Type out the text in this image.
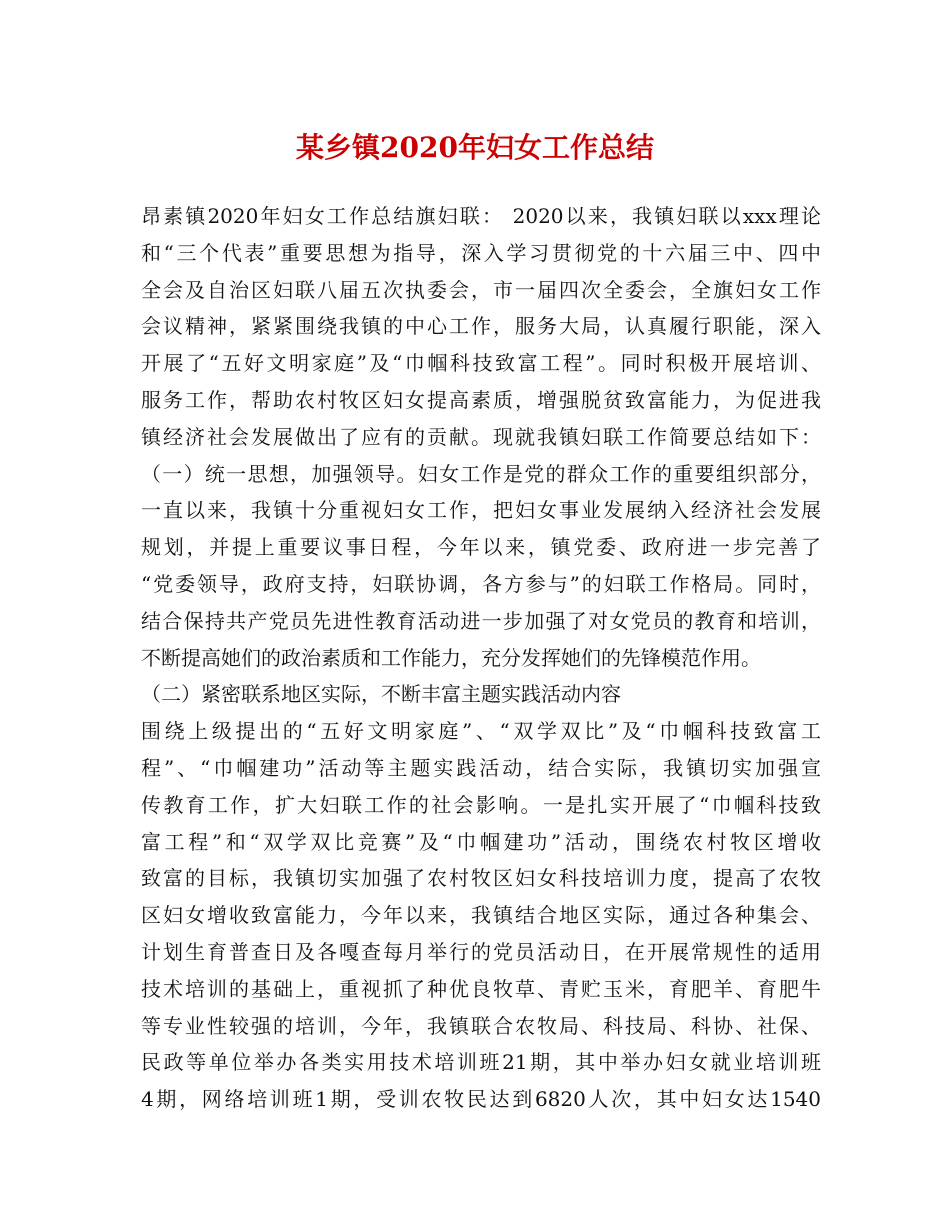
某乡镇2020年妇女工作总结
昂素镇2020年妇女工作总结旗妇联： 2020以来，我镇妇联以xxx理论
和“三个代表”重要思想为指导，深入学习贯彻党的十六届三中、四中
全会及自治区妇联八届五次执委会，市一届四次全委会，全旗妇女工作
会议精神，紧紧围绕我镇的中心工作，服务大局，认真履行职能，深入
开展了“五好文明家庭”及“巾帼科技致富工程”。同时积极开展培训、
服务工作，帮助农村牧区妇女提高素质，增强脱贫致富能力，为促进我
镇经济社会发展做出了应有的贡献。现就我镇妇联工作简要总结如下：
（一）统一思想，加强领导。妇女工作是党的群众工作的重要组织部分，
一直以来，我镇十分重视妇女工作，把妇女事业发展纳入经济社会发展
规划，并提上重要议事日程，今年以来，镇党委、政府进一步完善了
“党委领导，政府支持，妇联协调，各方参与”的妇联工作格局。同时，
结合保持共产党员先进性教育活动进一步加强了对女党员的教育和培训，
不断提高她们的政治素质和工作能力，充分发挥她们的先锋模范作用。
（二）紧密联系地区实际，不断丰富主题实践活动内容
围绕上级提出的“五好文明家庭”、“双学双比”及“巾帼科技致富工
程”、“巾帼建功”活动等主题实践活动，结合实际，我镇切实加强宣
传教育工作，扩大妇联工作的社会影响。一是扎实开展了“巾帼科技致
富工程”和“双学双比竞赛”及“巾帼建功”活动，围绕农村牧区增收
致富的目标，我镇切实加强了农村牧区妇女科技培训力度，提高了农牧
区妇女增收致富能力，今年以来，我镇结合地区实际，通过各种集会、
计划生育普查日及各嘎查每月举行的党员活动日，在开展常规性的适用
技术培训的基础上，重视抓了种优良牧草、青贮玉米，育肥羊、育肥牛
等专业性较强的培训，今年，我镇联合农牧局、科技局、科协、社保、
民政等单位举办各类实用技术培训班21期，其中举办妇女就业培训班
4期，网络培训班1期，受训农牧民达到6820人次，其中妇女达1540
